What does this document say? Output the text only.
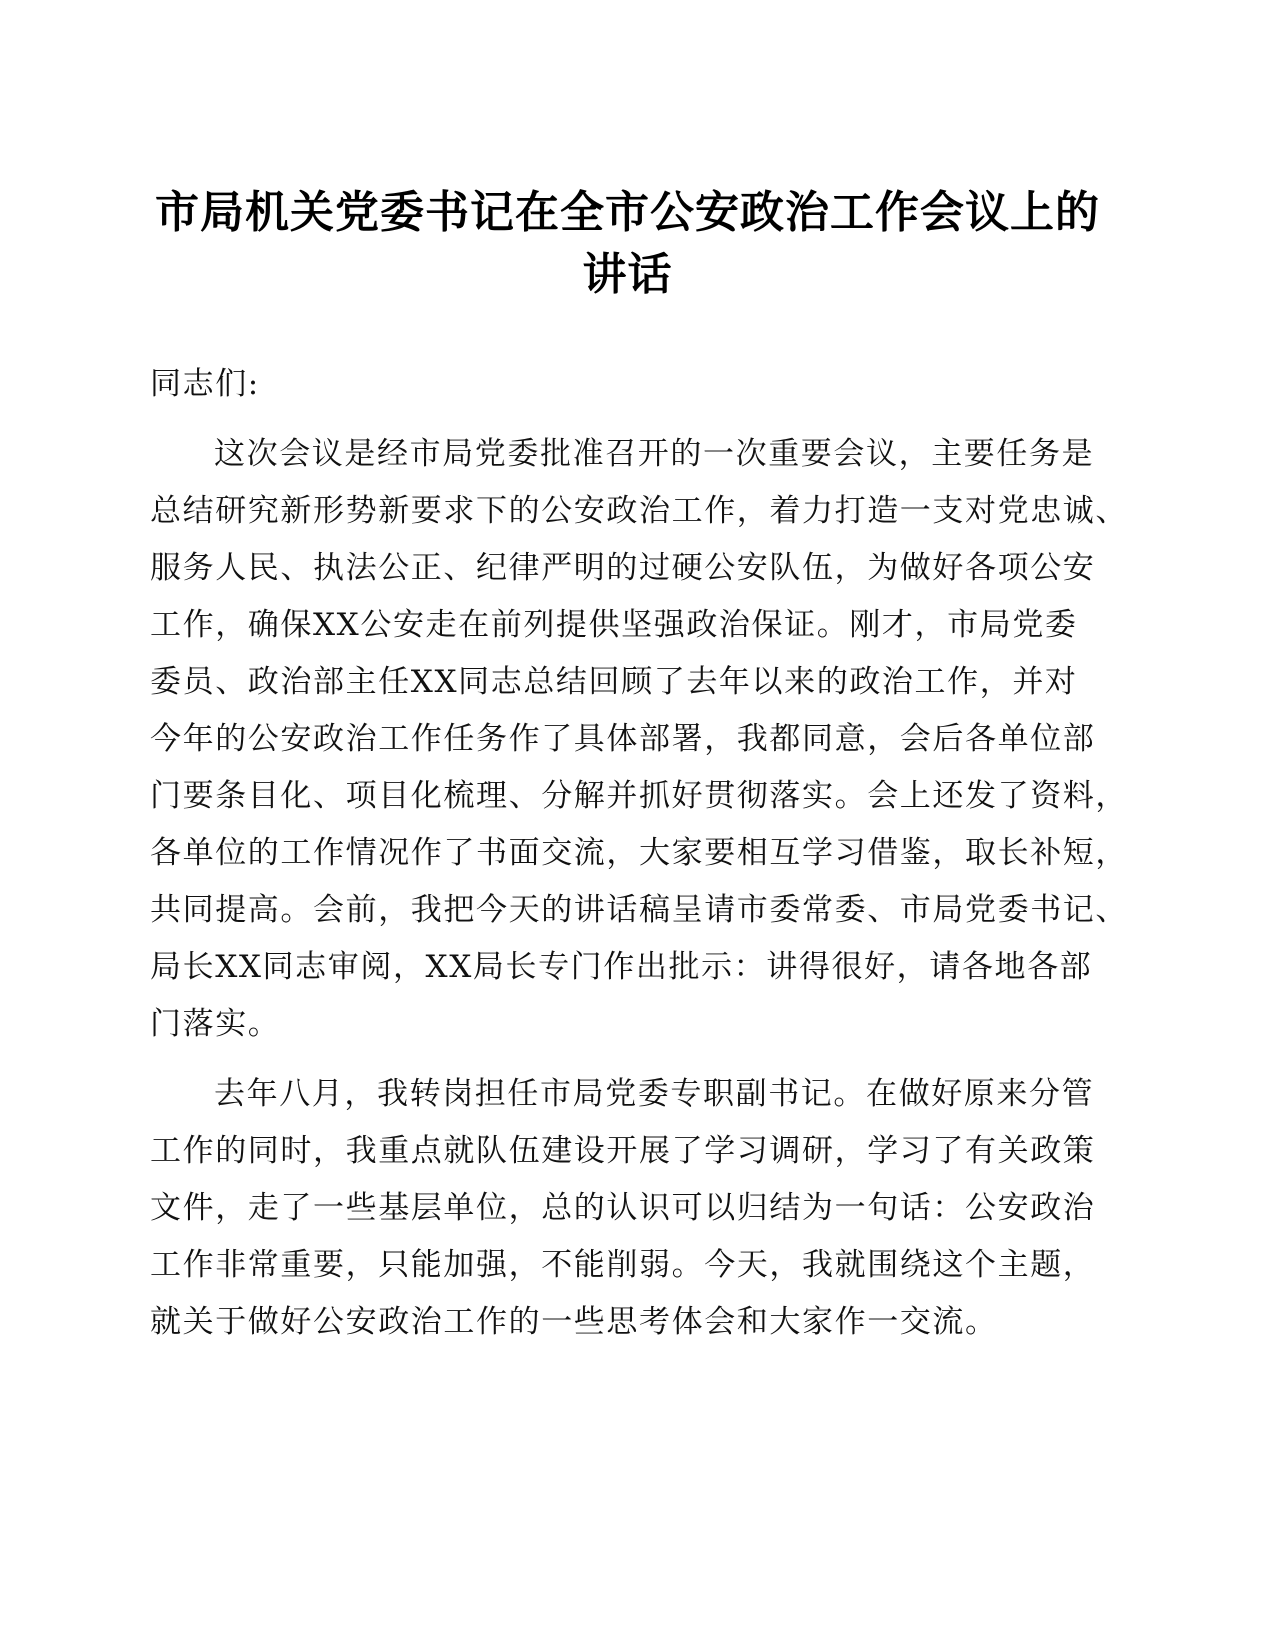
市局机关党委书记在全市公安政治工作会议上的
讲话
同志们:
这次会议是经市局党委批准召开的一次重要会议，主要任务是
总结研究新形势新要求下的公安政治工作，着力打造一支对党忠诚、
服务人民、执法公正、纪律严明的过硬公安队伍，为做好各项公安
工作，确保XX公安走在前列提供坚强政治保证。刚才，市局党委
委员、政治部主任XX同志总结回顾了去年以来的政治工作，并对
今年的公安政治工作任务作了具体部署，我都同意，会后各单位部
门要条目化、项目化梳理、分解并抓好贯彻落实。会上还发了资料，
各单位的工作情况作了书面交流，大家要相互学习借鉴，取长补短，
共同提高。会前，我把今天的讲话稿呈请市委常委、市局党委书记、
局长XX同志审阅，XX局长专门作出批示：讲得很好，请各地各部
门落实。
去年八月，我转岗担任市局党委专职副书记。在做好原来分管
工作的同时，我重点就队伍建设开展了学习调研，学习了有关政策
文件，走了一些基层单位，总的认识可以归结为一句话：公安政治
工作非常重要，只能加强，不能削弱。今天，我就围绕这个主题，
就关于做好公安政治工作的一些思考体会和大家作一交流。
